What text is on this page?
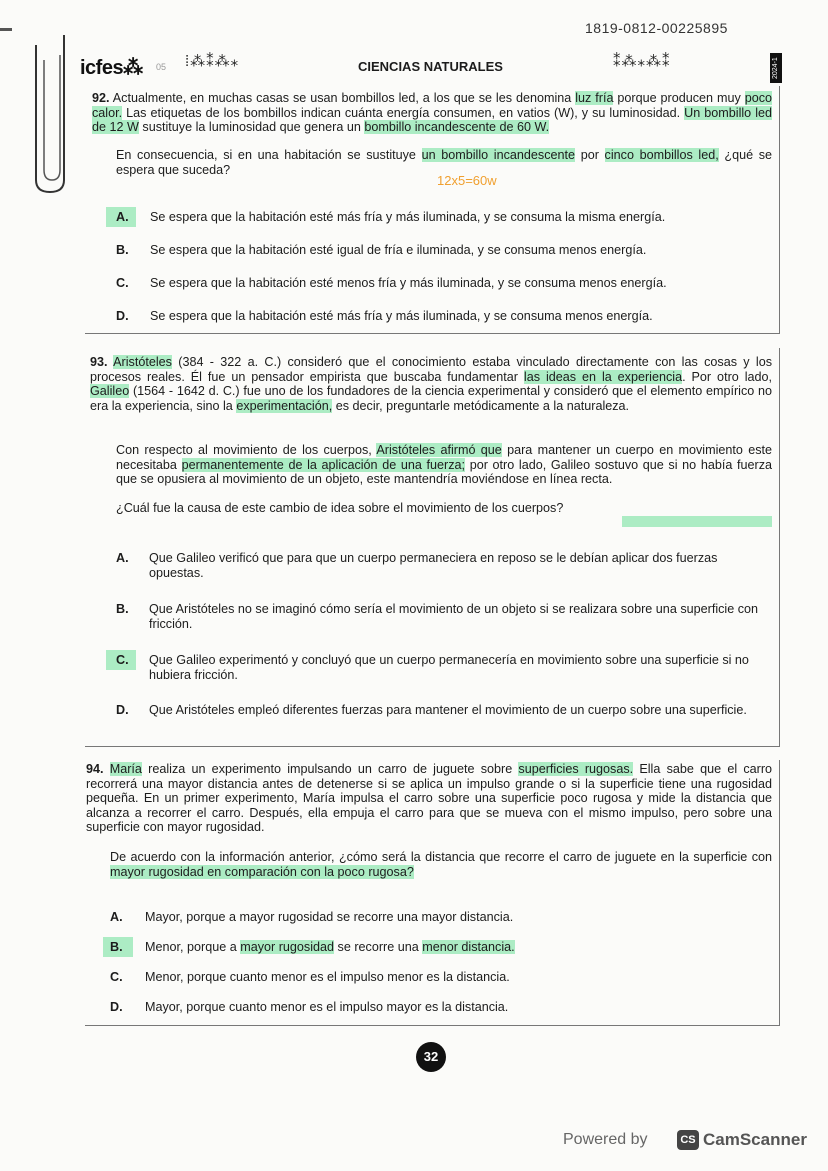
1819-0812-00225895
icfes⁂ 05 ⁞⁂⁑⁂⁎	CIENCIAS NATURALES	⁑⁂⁎⁂⁑	2024-1

92. Actualmente, en muchas casas se usan bombillos led, a los que se les denomina luz fría porque producen muy poco calor. Las etiquetas de los bombillos indican cuánta energía consumen, en vatios (W), y su luminosidad. Un bombillo led de 12 W sustituye la luminosidad que genera un bombillo incandescente de 60 W.

En consecuencia, si en una habitación se sustituye un bombillo incandescente por cinco bombillos led, ¿qué se espera que suceda?

12x5=60w
A. Se espera que la habitación esté más fría y más iluminada, y se consuma la misma energía.
B. Se espera que la habitación esté igual de fría e iluminada, y se consuma menos energía.
C. Se espera que la habitación esté menos fría y más iluminada, y se consuma menos energía.
D. Se espera que la habitación esté más fría y más iluminada, y se consuma menos energía.

93. Aristóteles (384 - 322 a. C.) consideró que el conocimiento estaba vinculado directamente con las cosas y los procesos reales. Él fue un pensador empirista que buscaba fundamentar las ideas en la experiencia. Por otro lado, Galileo (1564 - 1642 d. C.) fue uno de los fundadores de la ciencia experimental y consideró que el elemento empírico no era la experiencia, sino la experimentación, es decir, preguntarle metódicamente a la naturaleza.

Con respecto al movimiento de los cuerpos, Aristóteles afirmó que para mantener un cuerpo en movimiento este necesitaba permanentemente de la aplicación de una fuerza; por otro lado, Galileo sostuvo que si no había fuerza que se opusiera al movimiento de un objeto, este mantendría moviéndose en línea recta.

¿Cuál fue la causa de este cambio de idea sobre el movimiento de los cuerpos?

A. Que Galileo verificó que para que un cuerpo permaneciera en reposo se le debían aplicar dos fuerzas opuestas.
B. Que Aristóteles no se imaginó cómo sería el movimiento de un objeto si se realizara sobre una superficie con fricción.
C. Que Galileo experimentó y concluyó que un cuerpo permanecería en movimiento sobre una superficie si no hubiera fricción.
D. Que Aristóteles empleó diferentes fuerzas para mantener el movimiento de un cuerpo sobre una superficie.

94. María realiza un experimento impulsando un carro de juguete sobre superficies rugosas. Ella sabe que el carro recorrerá una mayor distancia antes de detenerse si se aplica un impulso grande o si la superficie tiene una rugosidad pequeña. En un primer experimento, María impulsa el carro sobre una superficie poco rugosa y mide la distancia que alcanza a recorrer el carro. Después, ella empuja el carro para que se mueva con el mismo impulso, pero sobre una superficie con mayor rugosidad.

De acuerdo con la información anterior, ¿cómo será la distancia que recorre el carro de juguete en la superficie con mayor rugosidad en comparación con la poco rugosa?

A. Mayor, porque a mayor rugosidad se recorre una mayor distancia.
B. Menor, porque a mayor rugosidad se recorre una menor distancia.
C. Menor, porque cuanto menor es el impulso menor es la distancia.
D. Mayor, porque cuanto menor es el impulso mayor es la distancia.
32
Powered by	CS CamScanner
